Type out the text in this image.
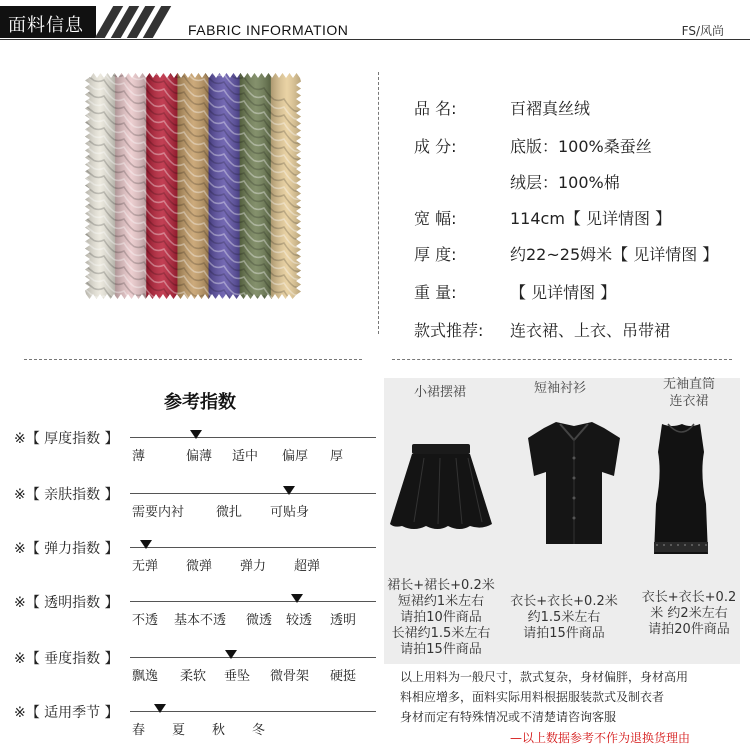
面料信息	FABRIC INFORMATION	FS/风尚
品 名:	百褶真丝绒
成 分:	底版：100%桑蚕丝
绒层：100%棉
宽 幅:	114cm【 见详情图 】
厚 度:	约22~25姆米【 见详情图 】
重 量:	【 见详情图 】
款式推荐: 连衣裙、上衣、吊带裙
参考指数
※【 厚度指数 】
薄	偏薄 适中 偏厚 厚
※【 亲肤指数 】
需要内衬 微扎 可贴身
※【 弹力指数 】
无弹 微弹 弹力 超弹
※【 透明指数 】
不透 基本不透 微透 较透 透明
※【 垂度指数 】
飘逸 柔软 垂坠 微骨架 硬挺
※【 适用季节 】
春 夏 秋 冬
小裙摆裙	短袖衬衫	无袖直筒
连衣裙
裙长+裙长+0.2米
短裙约1米左右
请拍10件商品
长裙约1.5米左右
请拍15件商品
衣长+衣长+0.2米
约1.5米左右
请拍15件商品
衣长+衣长+0.2
米 约2米左右
请拍20件商品
以上用料为一般尺寸，款式复杂，身材偏胖，身材高用
料相应增多，面料实际用料根据服装款式及制衣者
身材而定有特殊情况或不清楚请咨询客服
—以上数据参考不作为退换货理由
